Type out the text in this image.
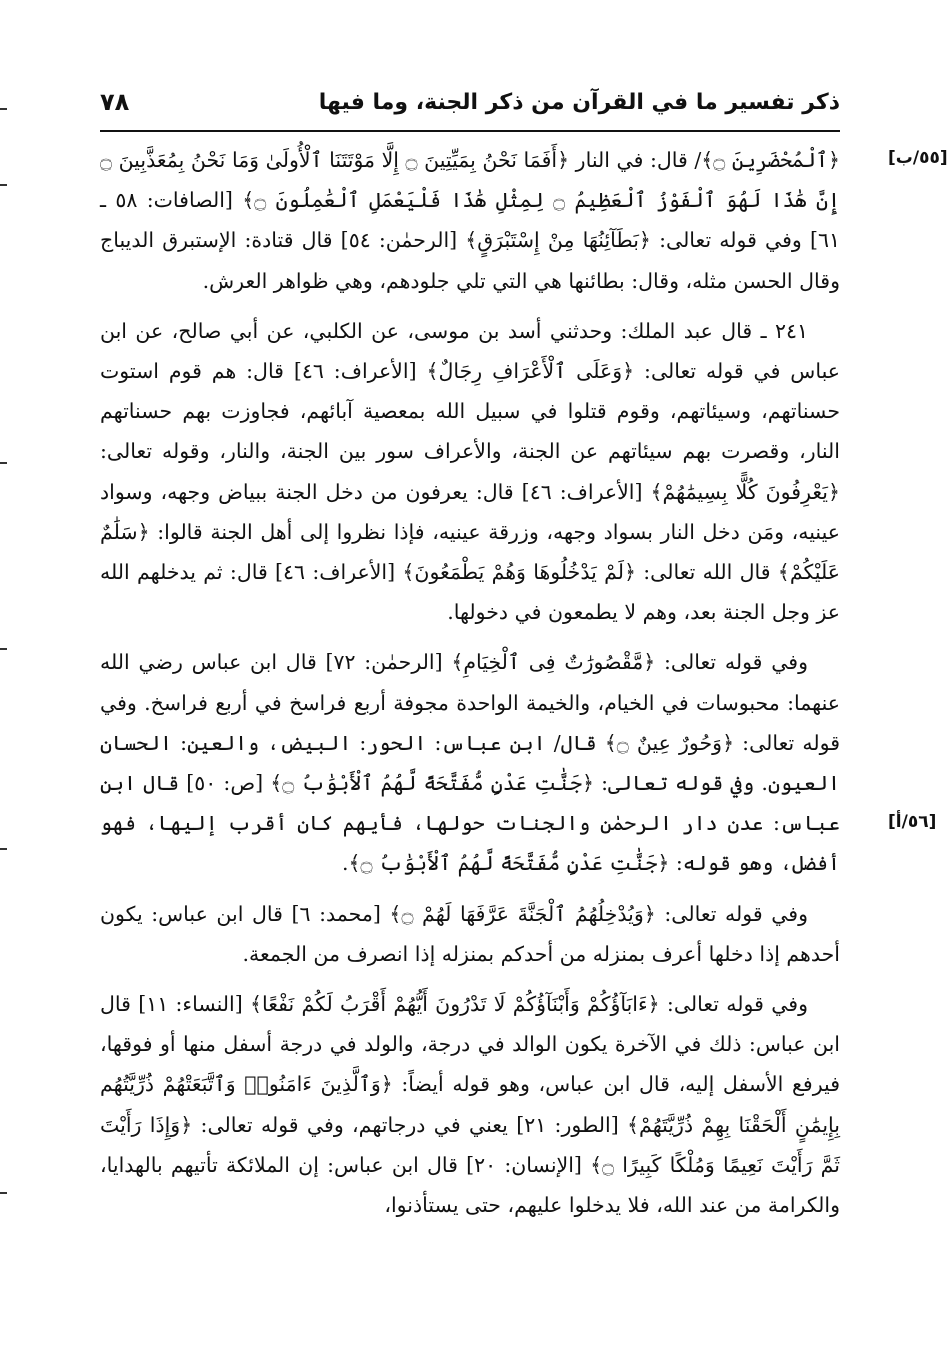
ذكر تفسير ما في القرآن من ذكر الجنة، وما فيها
٧٨
[٥٥/ب]
[٥٦/أ]

﴿ٱلْمُحْضَرِينَ ۝﴾/ قال: في النار ﴿أَفَمَا نَحْنُ بِمَيِّتِينَ ۝ إِلَّا مَوْتَتَنَا ٱلْأُولَىٰ وَمَا نَحْنُ بِمُعَذَّبِينَ ۝ إِنَّ هَٰذَا لَهُوَ ٱلْفَوْزُ ٱلْعَظِيمُ ۝ لِمِثْلِ هَٰذَا فَلْيَعْمَلِ ٱلْعَٰمِلُونَ ۝﴾ [الصافات: ٥٨ ـ ٦١] وفي قوله تعالى: ﴿بَطَآئِنُهَا مِنْ إِسْتَبْرَقٍ﴾ [الرحمٰن: ٥٤] قال قتادة: الإستبرق الديباج وقال الحسن مثله، وقال: بطائنها هي التي تلي جلودهم، وهي ظواهر العرش.

٢٤١ ـ قال عبد الملك: وحدثني أسد بن موسى، عن الكلبي، عن أبي صالح، عن ابن عباس في قوله تعالى: ﴿وَعَلَى ٱلْأَعْرَافِ رِجَالٌ﴾ [الأعراف: ٤٦] قال: هم قوم استوت حسناتهم، وسيئاتهم، وقوم قتلوا في سبيل الله بمعصية آبائهم، فجاوزت بهم حسناتهم النار، وقصرت بهم سيئاتهم عن الجنة، والأعراف سور بين الجنة، والنار، وقوله تعالى: ﴿يَعْرِفُونَ كُلًّا بِسِيمَٰهُمْ﴾ [الأعراف: ٤٦] قال: يعرفون من دخل الجنة ببياض وجهه، وسواد عينيه، ومَن دخل النار بسواد وجهه، وزرقة عينيه، فإذا نظروا إلى أهل الجنة قالوا: ﴿سَلَٰمٌ عَلَيْكُمْ﴾ قال الله تعالى: ﴿لَمْ يَدْخُلُوهَا وَهُمْ يَطْمَعُونَ﴾ [الأعراف: ٤٦] قال: ثم يدخلهم الله عز وجل الجنة بعد، وهم لا يطمعون في دخولها.

وفي قوله تعالى: ﴿مَّقْصُورَٰتٌ فِى ٱلْخِيَامِ﴾ [الرحمٰن: ٧٢] قال ابن عباس رضي الله عنهما: محبوسات في الخيام، والخيمة الواحدة مجوفة أربع فراسخ في أربع فراسخ. وفي قوله تعالى: ﴿وَحُورٌ عِينٌ ۝﴾ قال/ ابن عباس: الحور: البيض، والعين: الحسان العيون. وفي قوله تعالى: ﴿جَنَّٰتِ عَدْنٍ مُّفَتَّحَةً لَّهُمُ ٱلْأَبْوَٰبُ ۝﴾ [ص: ٥٠] قال ابن عباس: عدن دار الرحمٰن والجنات حولها، فأيهم كان أقرب إليها، فهو أفضل، وهو قوله: ﴿جَنَّٰتِ عَدْنٍ مُّفَتَّحَةً لَّهُمُ ٱلْأَبْوَٰبُ ۝﴾.

وفي قوله تعالى: ﴿وَيُدْخِلُهُمُ ٱلْجَنَّةَ عَرَّفَهَا لَهُمْ ۝﴾ [محمد: ٦] قال ابن عباس: يكون أحدهم إذا دخلها أعرف بمنزله من أحدكم بمنزله إذا انصرف من الجمعة.

وفي قوله تعالى: ﴿ءَابَآؤُكُمْ وَأَبْنَآؤُكُمْ لَا تَدْرُونَ أَيُّهُمْ أَقْرَبُ لَكُمْ نَفْعًا﴾ [النساء: ١١] قال ابن عباس: ذلك في الآخرة يكون الوالد في درجة، والولد في درجة أسفل منها أو فوقها، فيرفع الأسفل إليه، قال ابن عباس، وهو قوله أيضاً: ﴿وَٱلَّذِينَ ءَامَنُوا۟ وَٱتَّبَعَتْهُمْ ذُرِّيَّتُهُم بِإِيمَٰنٍ أَلْحَقْنَا بِهِمْ ذُرِّيَّتَهُمْ﴾ [الطور: ٢١] يعني في درجاتهم، وفي قوله تعالى: ﴿وَإِذَا رَأَيْتَ ثَمَّ رَأَيْتَ نَعِيمًا وَمُلْكًا كَبِيرًا ۝﴾ [الإنسان: ٢٠] قال ابن عباس: إن الملائكة تأتيهم بالهدايا، والكرامة من عند الله، فلا يدخلوا عليهم، حتى يستأذنوا،
